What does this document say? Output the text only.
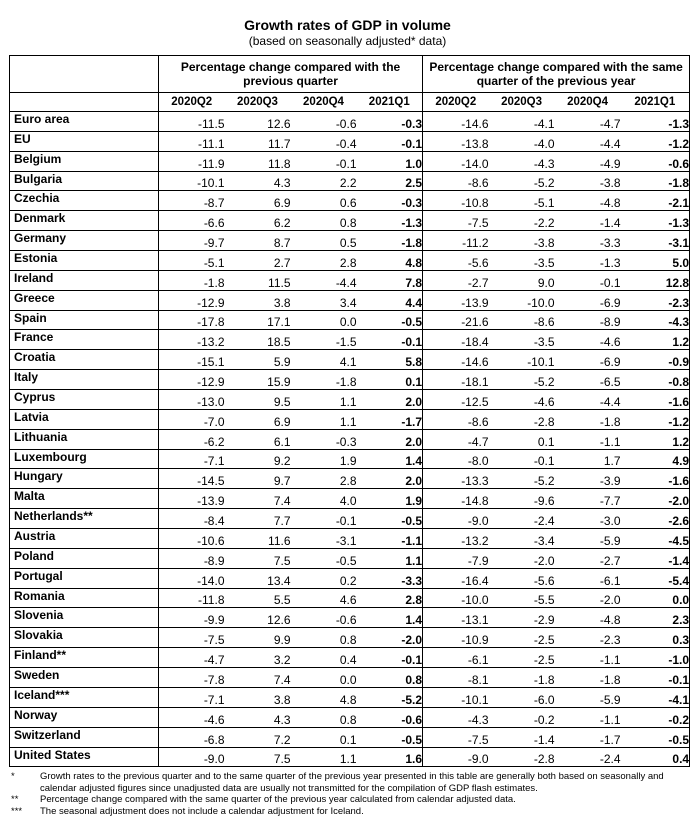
Growth rates of GDP in volume
(based on seasonally adjusted* data)
	Percentage change compared with the previous quarter				Percentage change compared with the same quarter of the previous year			
	2020Q2	2020Q3	2020Q4	2021Q1	2020Q2	2020Q3	2020Q4	2021Q1
Euro area	-11.5	12.6	-0.6	-0.3	-14.6	-4.1	-4.7	-1.3
EU	-11.1	11.7	-0.4	-0.1	-13.8	-4.0	-4.4	-1.2
Belgium	-11.9	11.8	-0.1	1.0	-14.0	-4.3	-4.9	-0.6
Bulgaria	-10.1	4.3	2.2	2.5	-8.6	-5.2	-3.8	-1.8
Czechia	-8.7	6.9	0.6	-0.3	-10.8	-5.1	-4.8	-2.1
Denmark	-6.6	6.2	0.8	-1.3	-7.5	-2.2	-1.4	-1.3
Germany	-9.7	8.7	0.5	-1.8	-11.2	-3.8	-3.3	-3.1
Estonia	-5.1	2.7	2.8	4.8	-5.6	-3.5	-1.3	5.0
Ireland	-1.8	11.5	-4.4	7.8	-2.7	9.0	-0.1	12.8
Greece	-12.9	3.8	3.4	4.4	-13.9	-10.0	-6.9	-2.3
Spain	-17.8	17.1	0.0	-0.5	-21.6	-8.6	-8.9	-4.3
France	-13.2	18.5	-1.5	-0.1	-18.4	-3.5	-4.6	1.2
Croatia	-15.1	5.9	4.1	5.8	-14.6	-10.1	-6.9	-0.9
Italy	-12.9	15.9	-1.8	0.1	-18.1	-5.2	-6.5	-0.8
Cyprus	-13.0	9.5	1.1	2.0	-12.5	-4.6	-4.4	-1.6
Latvia	-7.0	6.9	1.1	-1.7	-8.6	-2.8	-1.8	-1.2
Lithuania	-6.2	6.1	-0.3	2.0	-4.7	0.1	-1.1	1.2
Luxembourg	-7.1	9.2	1.9	1.4	-8.0	-0.1	1.7	4.9
Hungary	-14.5	9.7	2.8	2.0	-13.3	-5.2	-3.9	-1.6
Malta	-13.9	7.4	4.0	1.9	-14.8	-9.6	-7.7	-2.0
Netherlands**	-8.4	7.7	-0.1	-0.5	-9.0	-2.4	-3.0	-2.6
Austria	-10.6	11.6	-3.1	-1.1	-13.2	-3.4	-5.9	-4.5
Poland	-8.9	7.5	-0.5	1.1	-7.9	-2.0	-2.7	-1.4
Portugal	-14.0	13.4	0.2	-3.3	-16.4	-5.6	-6.1	-5.4
Romania	-11.8	5.5	4.6	2.8	-10.0	-5.5	-2.0	0.0
Slovenia	-9.9	12.6	-0.6	1.4	-13.1	-2.9	-4.8	2.3
Slovakia	-7.5	9.9	0.8	-2.0	-10.9	-2.5	-2.3	0.3
Finland**	-4.7	3.2	0.4	-0.1	-6.1	-2.5	-1.1	-1.0
Sweden	-7.8	7.4	0.0	0.8	-8.1	-1.8	-1.8	-0.1
Iceland***	-7.1	3.8	4.8	-5.2	-10.1	-6.0	-5.9	-4.1
Norway	-4.6	4.3	0.8	-0.6	-4.3	-0.2	-1.1	-0.2
Switzerland	-6.8	7.2	0.1	-0.5	-7.5	-1.4	-1.7	-0.5
United States	-9.0	7.5	1.1	1.6	-9.0	-2.8	-2.4	0.4
*	Growth rates to the previous quarter and to the same quarter of the previous year presented in this table are generally both based on seasonally and calendar adjusted figures since unadjusted data are usually not transmitted for the compilation of GDP flash estimates.
**	Percentage change compared with the same quarter of the previous year calculated from calendar adjusted data.
***	The seasonal adjustment does not include a calendar adjustment for Iceland.
